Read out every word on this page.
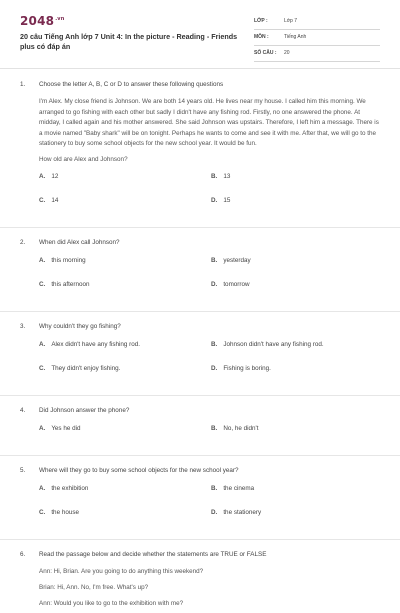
$2048^{.vn}$
20 câu Tiếng Anh lớp 7 Unit 4: In the picture - Reading - Friends plus có đáp án
LỚP :	Lớp 7
MÔN :	Tiếng Anh
SỐ CÂU : 20
1. Choose the letter A, B, C or D to answer these following questions
I'm Alex. My close friend is Johnson. We are both 14 years old. He lives near my house. I called him this morning. We arranged to go fishing with each other but sadly I didn't have any fishing rod. Firstly, no one answered the phone. At midday, I called again and his mother answered. She said Johnson was upstairs. Therefore, I left him a message. There is a movie named "Baby shark" will be on tonight. Perhaps he wants to come and see it with me. After that, we will go to the stationery to buy some school objects for the new school year. It would be fun.
How old are Alex and Johnson?
A. 12	B. 13
C. 14	D. 15
2. When did Alex call Johnson?
A. this morning	B. yesterday
C. this afternoon	D. tomorrow
3. Why couldn't they go fishing?
A. Alex didn't have any fishing rod.	B. Johnson didn't have any fishing rod.
C. They didn't enjoy fishing.	D. Fishing is boring.
4. Did Johnson answer the phone?
A. Yes he did	B. No, he didn't
5. Where will they go to buy some school objects for the new school year?
A. the exhibition	B. the cinema
C. the house	D. the stationery
6. Read the passage below and decide whether the statements are TRUE or FALSE
Ann: Hi, Brian. Are you going to do anything this weekend?
Brian: Hi, Ann. No, I'm free. What's up?
Ann: Would you like to go to the exhibition with me?
